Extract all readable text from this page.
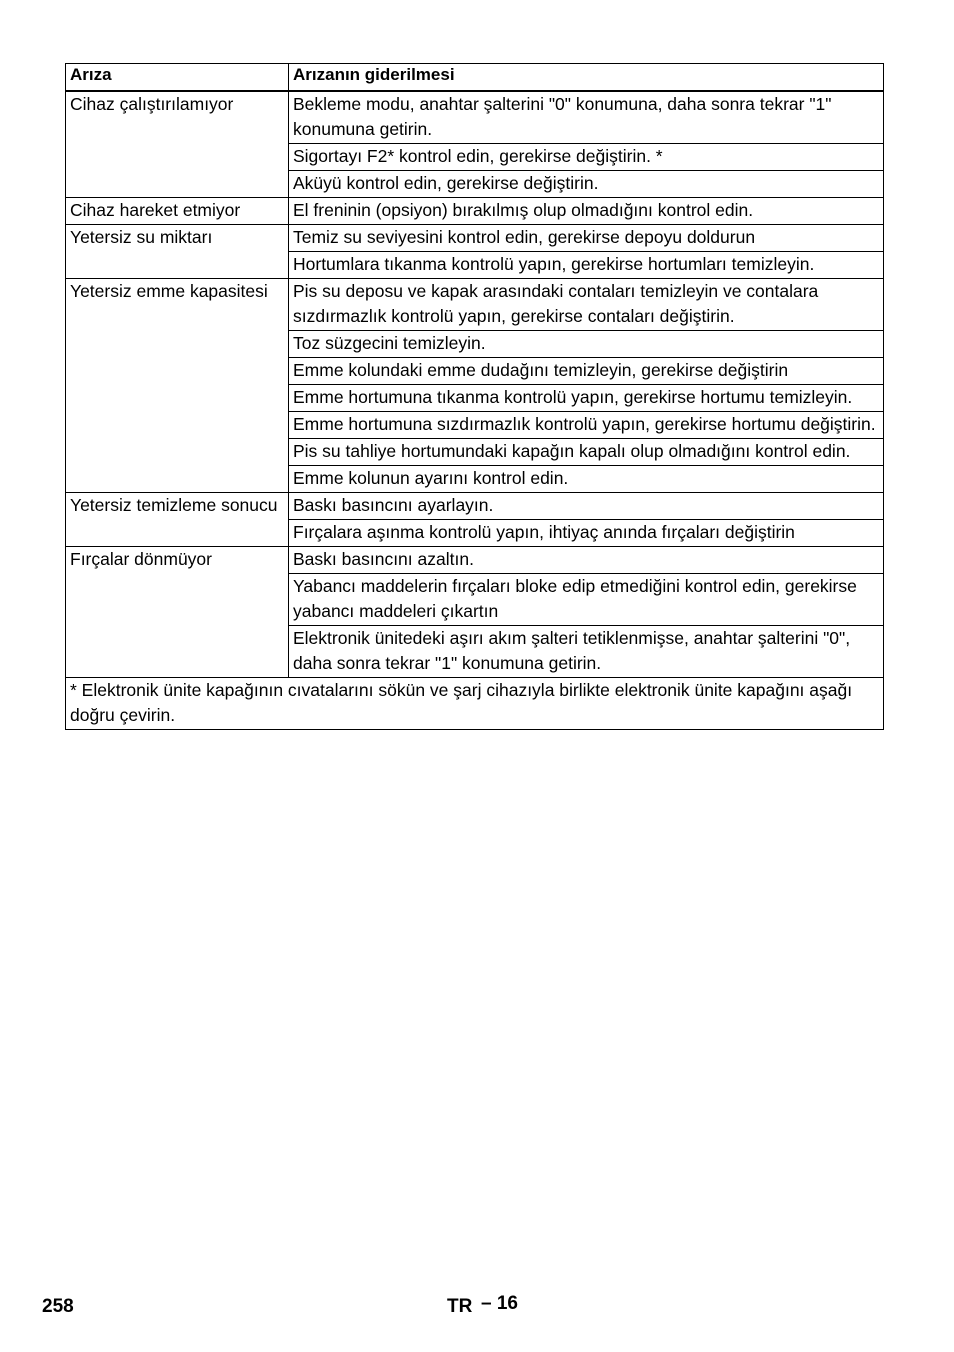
Arıza	Arızanın giderilmesi
Cihaz çalıştırılamıyor	Bekleme modu, anahtar şalterini "0" konumuna, daha sonra tekrar "1" konumuna getirin.
	Sigortayı F2* kontrol edin, gerekirse değiştirin. *
	Aküyü kontrol edin, gerekirse değiştirin.
Cihaz hareket etmiyor	El freninin (opsiyon) bırakılmış olup olmadığını kontrol edin.
Yetersiz su miktarı	Temiz su seviyesini kontrol edin, gerekirse depoyu doldurun
	Hortumlara tıkanma kontrolü yapın, gerekirse hortumları temizleyin.
Yetersiz emme kapasitesi	Pis su deposu ve kapak arasındaki contaları temizleyin ve contalara sızdırmazlık kontrolü yapın, gerekirse contaları değiştirin.
	Toz süzgecini temizleyin.
	Emme kolundaki emme dudağını temizleyin, gerekirse değiştirin
	Emme hortumuna tıkanma kontrolü yapın, gerekirse hortumu temizleyin.
	Emme hortumuna sızdırmazlık kontrolü yapın, gerekirse hortumu değiştirin.
	Pis su tahliye hortumundaki kapağın kapalı olup olmadığını kontrol edin.
	Emme kolunun ayarını kontrol edin.
Yetersiz temizleme sonucu	Baskı basıncını ayarlayın.
	Fırçalara aşınma kontrolü yapın, ihtiyaç anında fırçaları değiştirin
Fırçalar dönmüyor	Baskı basıncını azaltın.
	Yabancı maddelerin fırçaları bloke edip etmediğini kontrol edin, gerekirse yabancı maddeleri çıkartın
	Elektronik ünitedeki aşırı akım şalteri tetiklenmişse, anahtar şalterini "0", daha sonra tekrar "1" konumuna getirin.
* Elektronik ünite kapağının cıvatalarını sökün ve şarj cihazıyla birlikte elektronik ünite kapağını aşağı doğru çevirin.	
258	TR – 16
